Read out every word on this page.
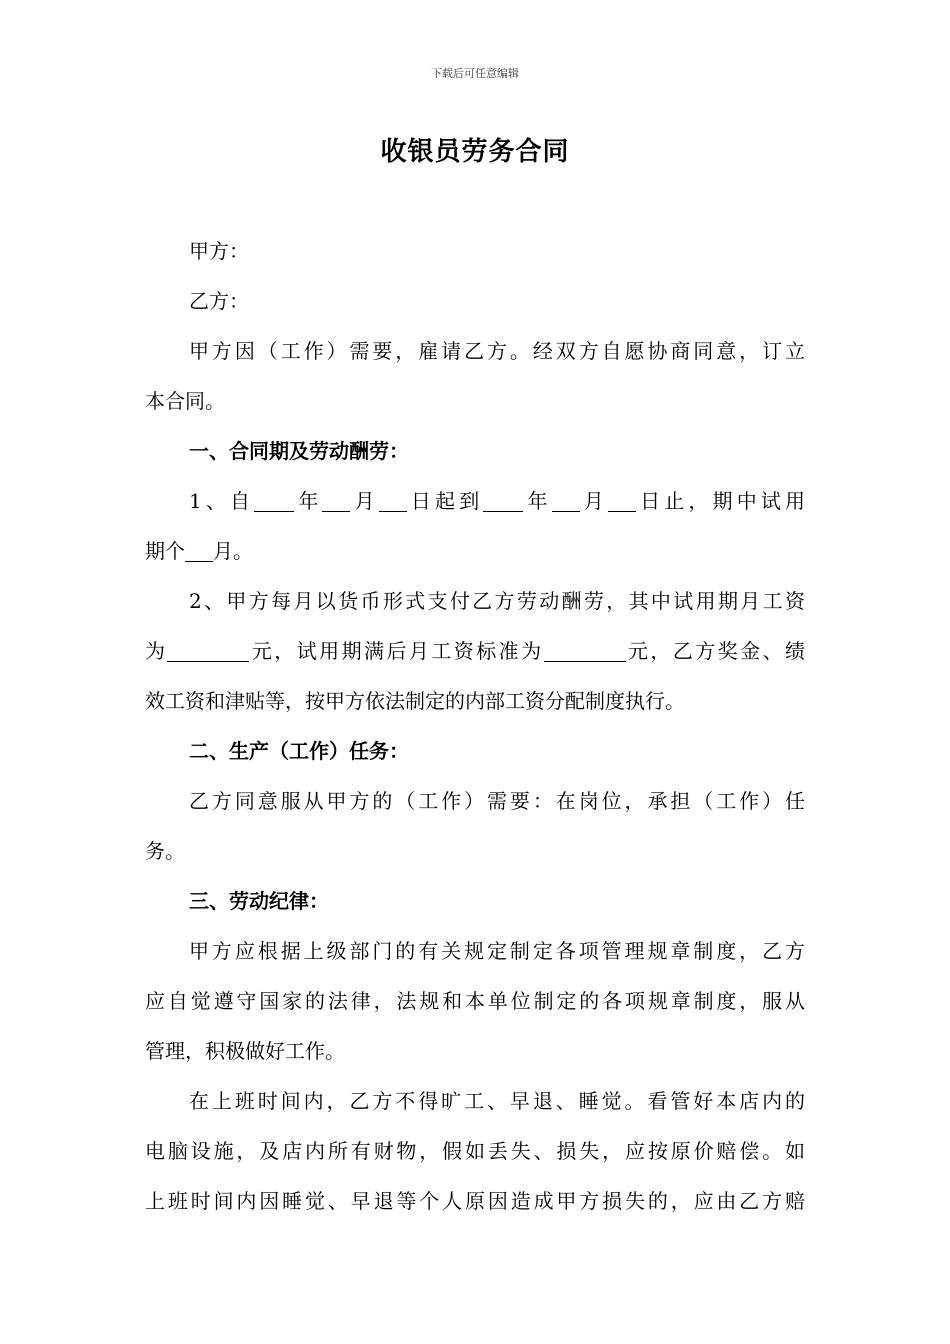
下载后可任意编辑
收银员劳务合同
甲方：
乙方：
甲方因（工作）需要，雇请乙方。经双方自愿协商同意，订立
本合同。
一、合同期及劳动酬劳：
1、自 年 月 日起到 年 月 日止，期中试用
期个 月。
2、甲方每月以货币形式支付乙方劳动酬劳，其中试用期月工资
为	元，试用期满后月工资标准为	元，乙方奖金、绩
效工资和津贴等，按甲方依法制定的内部工资分配制度执行。
二、生产（工作）任务：
乙方同意服从甲方的（工作）需要：在岗位，承担（工作）任
务。
三、劳动纪律：
甲方应根据上级部门的有关规定制定各项管理规章制度，乙方
应自觉遵守国家的法律，法规和本单位制定的各项规章制度，服从
管理，积极做好工作。
在上班时间内，乙方不得旷工、早退、睡觉。看管好本店内的
电脑设施，及店内所有财物，假如丢失、损失，应按原价赔偿。如
上班时间内因睡觉、早退等个人原因造成甲方损失的，应由乙方赔
